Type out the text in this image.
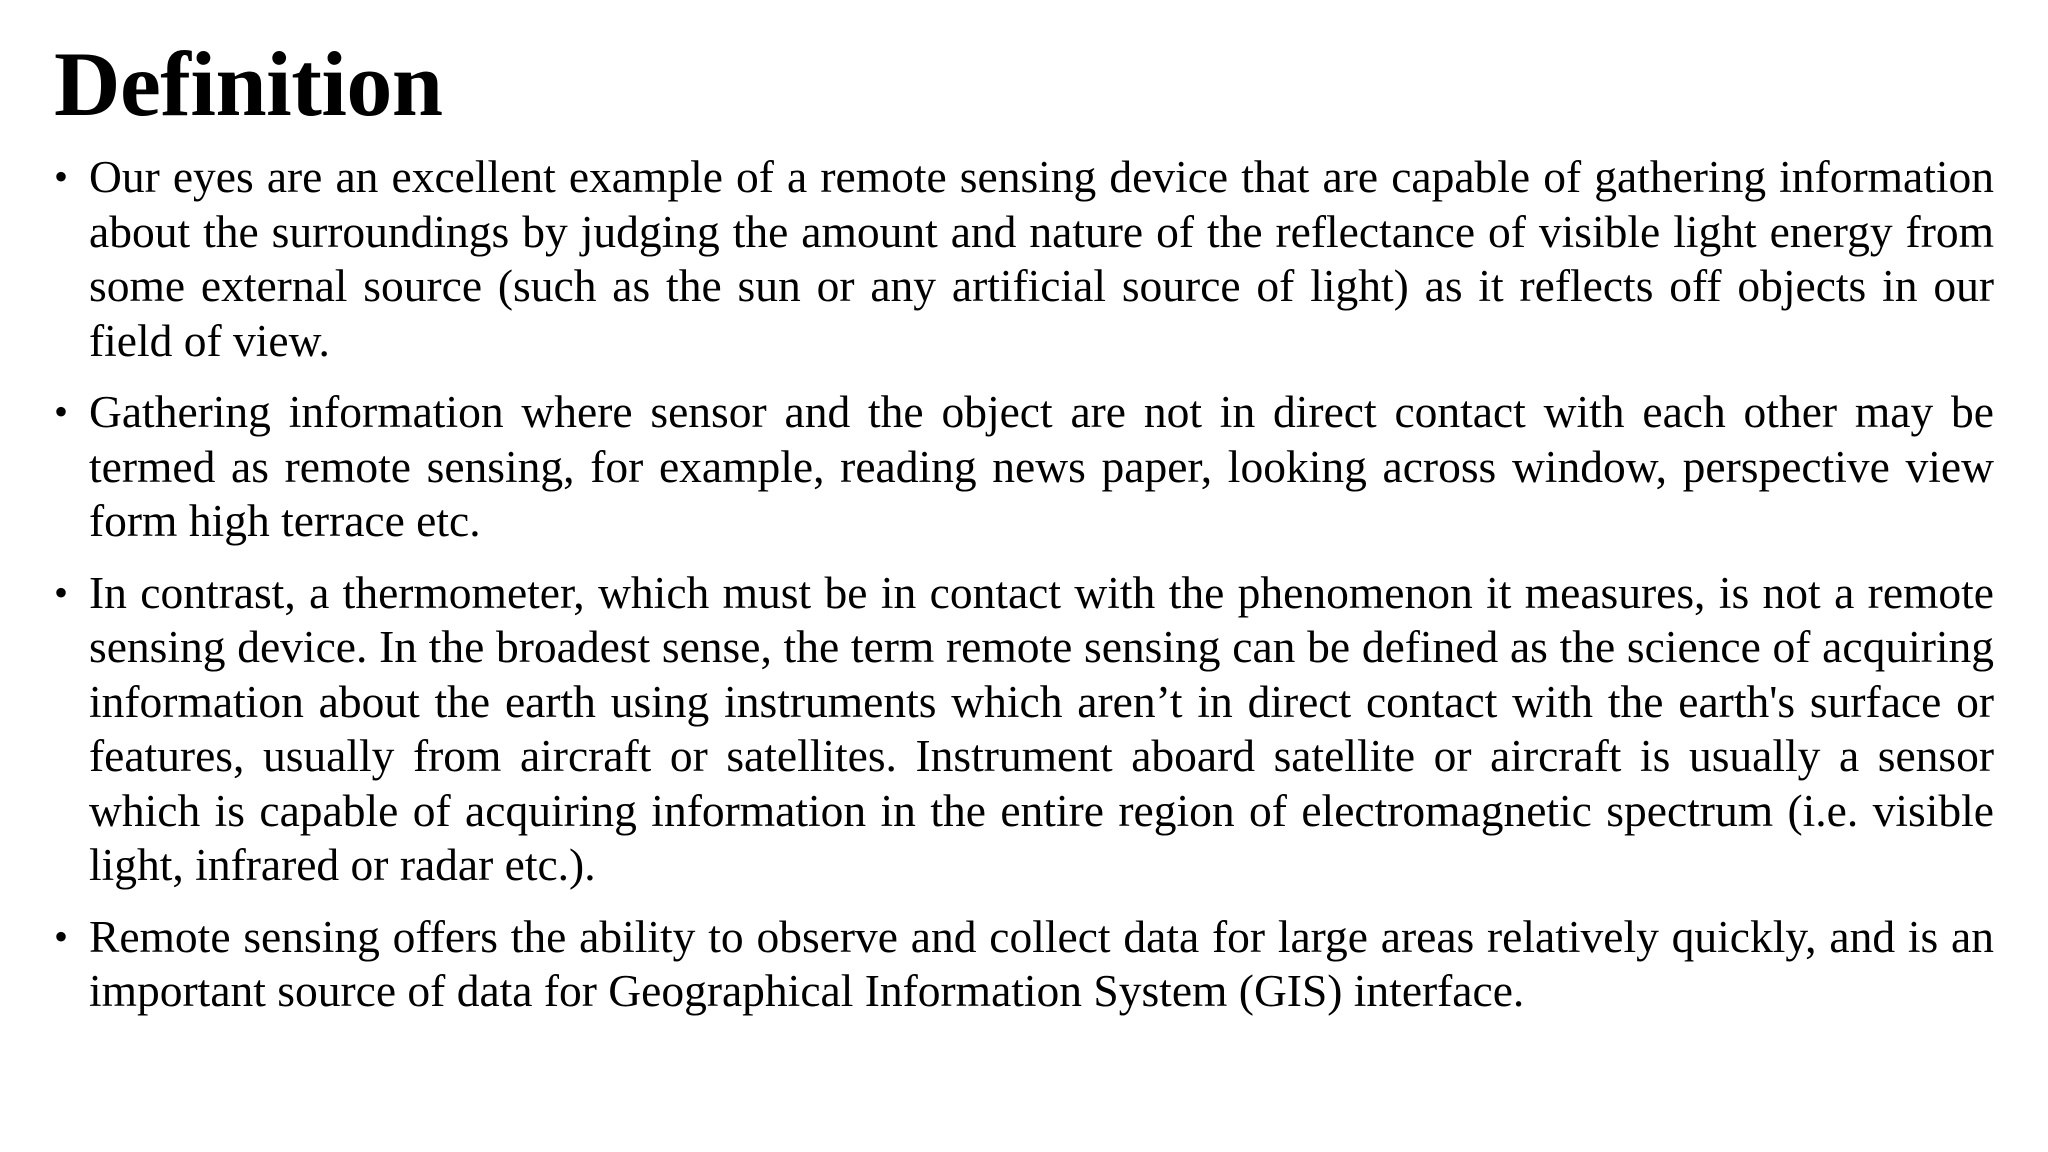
Definition
• Our eyes are an excellent example of a remote sensing device that are capable of gathering information about the surroundings by judging the amount and nature of the reflectance of visible light energy from some external source (such as the sun or any artificial source of light) as it reflects off objects in our field of view.
• Gathering information where sensor and the object are not in direct contact with each other may be termed as remote sensing, for example, reading news paper, looking across window, perspective view form high terrace etc.
• In contrast, a thermometer, which must be in contact with the phenomenon it measures, is not a remote sensing device. In the broadest sense, the term remote sensing can be defined as the science of acquiring information about the earth using instruments which aren’t in direct contact with the earth's surface or features, usually from aircraft or satellites. Instrument aboard satellite or aircraft is usually a sensor which is capable of acquiring information in the entire region of electromagnetic spectrum (i.e. visible light, infrared or radar etc.).
• Remote sensing offers the ability to observe and collect data for large areas relatively quickly, and is an important source of data for Geographical Information System (GIS) interface.
